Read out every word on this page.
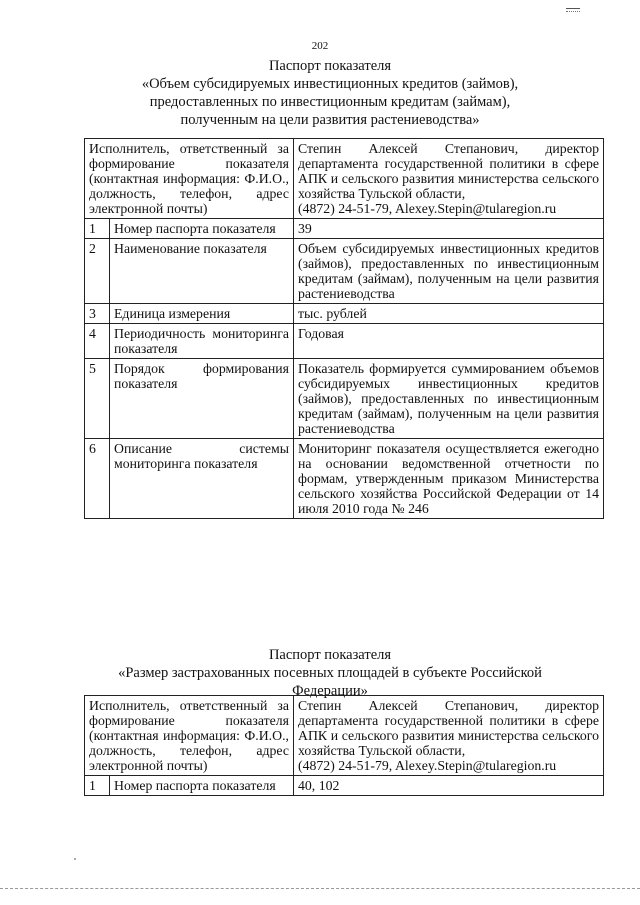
202
Паспорт показателя
«Объем субсидируемых инвестиционных кредитов (займов),
предоставленных по инвестиционным кредитам (займам),
полученным на цели развития растениеводства»
Исполнитель, ответственный за формирование показателя (контактная информация: Ф.И.О., должность, телефон, адрес электронной почты)		Степин Алексей Степанович, директор департамента государственной политики в сфере АПК и сельского развития министерства сельского хозяйства Тульской области,
(4872) 24-51-79, Alexey.Stepin@tularegion.ru

1	Номер паспорта показателя	39
2	Наименование показателя	Объем субсидируемых инвестиционных кредитов (займов), предоставленных по инвестиционным кредитам (займам), полученным на цели развития растениеводства
3	Единица измерения	тыс. рублей
4	Периодичность мониторинга показателя	Годовая
5	Порядок формирования показателя	Показатель формируется суммированием объемов субсидируемых инвестиционных кредитов (займов), предоставленных по инвестиционным кредитам (займам), полученным на цели развития растениеводства
6	Описание системы мониторинга показателя	Мониторинг показателя осуществляется ежегодно на основании ведомственной отчетности по формам, утвержденным приказом Министерства сельского хозяйства Российской Федерации от 14 июля 2010 года № 246
Паспорт показателя
«Размер застрахованных посевных площадей в субъекте Российской
Федерации»
Исполнитель, ответственный за формирование показателя (контактная информация: Ф.И.О., должность, телефон, адрес электронной почты)		Степин Алексей Степанович, директор департамента государственной политики в сфере АПК и сельского развития министерства сельского хозяйства Тульской области,
(4872) 24-51-79, Alexey.Stepin@tularegion.ru

1	Номер паспорта показателя	40, 102
